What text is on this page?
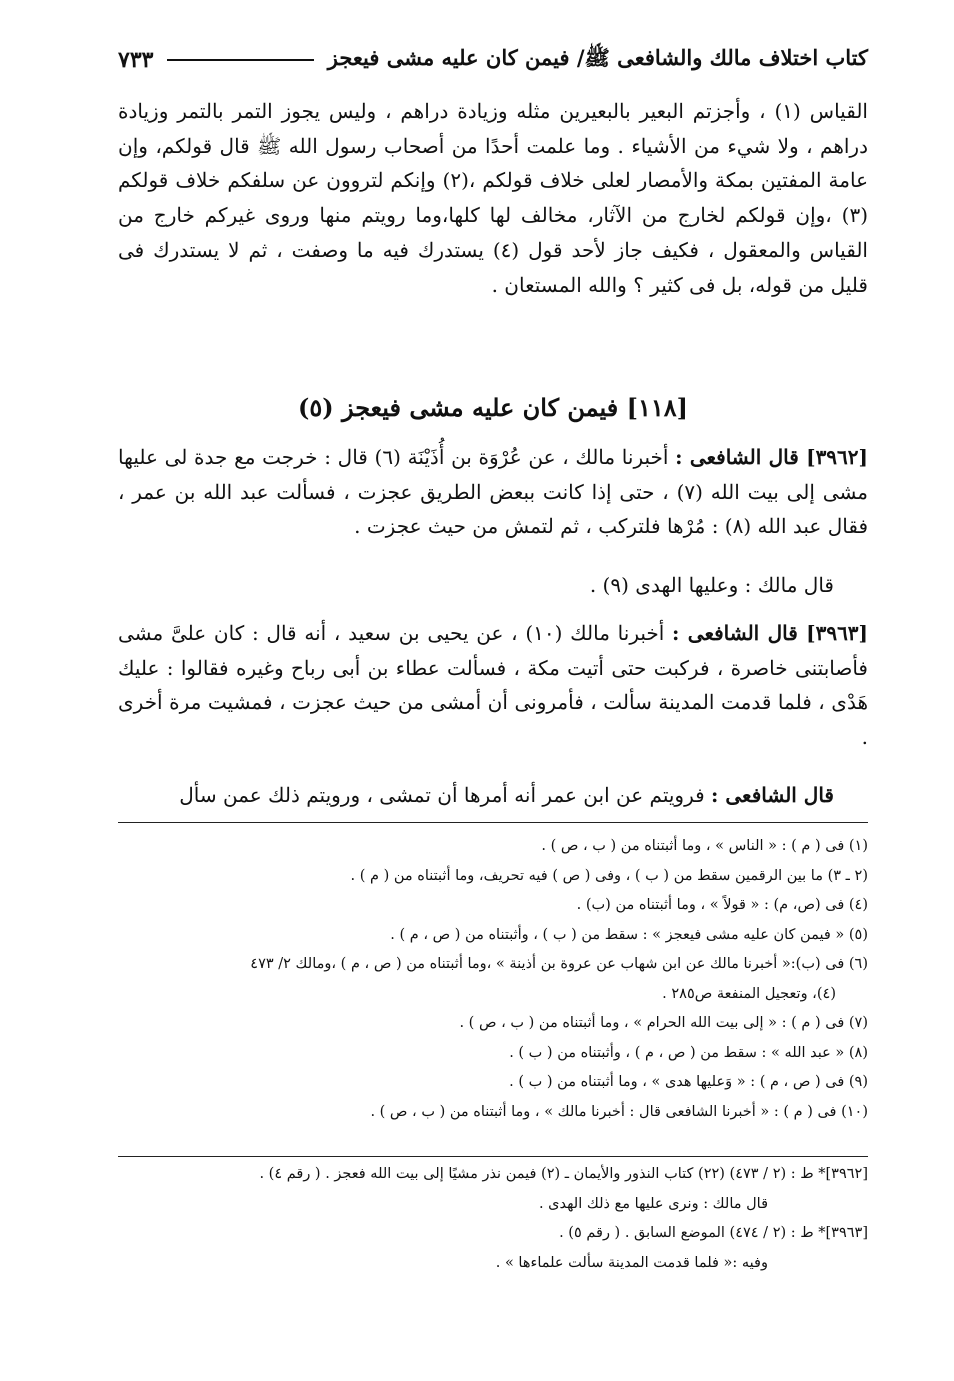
كتاب اختلاف مالك والشافعى ﷺ/ فيمن كان عليه مشى فيعجز
٧٣٣
القياس (١) ، وأجزتم البعير بالبعيرين مثله وزيادة دراهم ، وليس يجوز التمر بالتمر وزيادة دراهم ، ولا شيء من الأشياء . وما علمت أحدًا من أصحاب رسول الله ﷺ قال قولكم، وإن عامة المفتين بمكة والأمصار لعلى خلاف قولكم ،(٢) وإنكم لتروون عن سلفكم خلاف قولكم (٣) ،وإن قولكم لخارج من الآثار، مخالف لها كلها،وما رويتم منها وروى غيركم خارج من القياس والمعقول ، فكيف جاز لأحد قول (٤) يستدرك فيه ما وصفت ، ثم لا يستدرك فى قليل من قوله، بل فى كثير ؟ والله المستعان .
[١١٨] فيمن كان عليه مشى فيعجز (٥)
[٣٩٦٢] قال الشافعى : أخبرنا مالك ، عن عُرْوَة بن أُذَيْنَة (٦) قال : خرجت مع جدة لى عليها مشى إلى بيت الله (٧) ، حتى إذا كانت ببعض الطريق عجزت ، فسألت عبد الله بن عمر ، فقال عبد الله (٨) : مُرْها فلتركب ، ثم لتمش من حيث عجزت .
قال مالك : وعليها الهدى (٩) .
[٣٩٦٣] قال الشافعى : أخبرنا مالك (١٠) ، عن يحيى بن سعيد ، أنه قال : كان علىَّ مشى فأصابتنى خاصرة ، فركبت حتى أتيت مكة ، فسألت عطاء بن أبى رباح وغيره فقالوا : عليك هَدْى ، فلما قدمت المدينة سألت ، فأمرونى أن أمشى من حيث عجزت ، فمشيت مرة أخرى .
قال الشافعى : فرويتم عن ابن عمر أنه أمرها أن تمشى ، ورويتم ذلك عمن سأل
(١) فى ( م ) : « الناس » ، وما أثبتناه من ( ب ، ص ) .
(٢ ـ ٣) ما بين الرقمين سقط من ( ب ) ، وفى ( ص ) فيه تحريف، وما أثبتناه من ( م ) .
(٤) فى (ص، م) : « قولاً » ، وما أثبتناه من (ب) .
(٥) « فيمن كان عليه مشى فيعجز » : سقط من ( ب ) ، وأثبتناه من ( ص ، م ) .
(٦) فى (ب):« أخبرنا مالك عن ابن شهاب عن عروة بن أذينة » ،وما أثبتناه من ( ص ، م ) ،ومالك ٢/ ٤٧٣
(٤)، وتعجيل المنفعة ص٢٨٥ .
(٧) فى ( م ) : « إلى بيت الله الحرام » ، وما أثبتناه من ( ب ، ص ) .
(٨) « عبد الله » : سقط من ( ص ، م ) ، وأثبتناه من ( ب ) .
(٩) فى ( ص ، م ) : « وَعليها هدى » ، وما أثبتناه من ( ب ) .
(١٠) فى ( م ) : « أخبرنا الشافعى قال : أخبرنا مالك » ، وما أثبتناه من ( ب ، ص ) .
[٣٩٦٢]* ط : (٢ / ٤٧٣) (٢٢) كتاب النذور والأيمان ـ (٢) فيمن نذر مشيًا إلى بيت الله فعجز . ( رقم ٤) .
قال مالك : ونرى عليها مع ذلك الهدى .
[٣٩٦٣]* ط : (٢ / ٤٧٤) الموضع السابق . ( رقم ٥) .
وفيه :« فلما قدمت المدينة سألت علماءها » .
